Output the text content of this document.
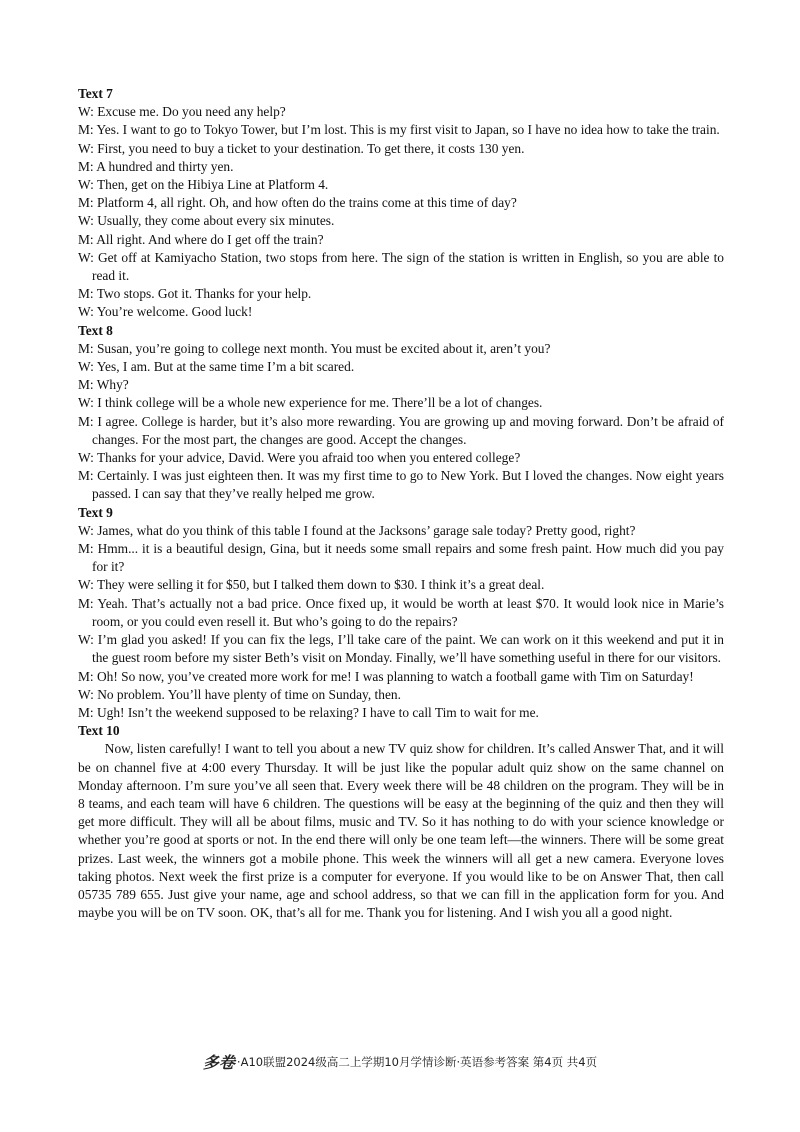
Text 7

W: Excuse me. Do you need any help?

M: Yes. I want to go to Tokyo Tower, but I’m lost. This is my first visit to Japan, so I have no idea how to take the train.

W: First, you need to buy a ticket to your destination. To get there, it costs 130 yen.

M: A hundred and thirty yen.

W: Then, get on the Hibiya Line at Platform 4.

M: Platform 4, all right. Oh, and how often do the trains come at this time of day?

W: Usually, they come about every six minutes.

M: All right. And where do I get off the train?

W: Get off at Kamiyacho Station, two stops from here. The sign of the station is written in English, so you are able to read it.

M: Two stops. Got it. Thanks for your help.

W: You’re welcome. Good luck!

Text 8

M: Susan, you’re going to college next month. You must be excited about it, aren’t you?

W: Yes, I am. But at the same time I’m a bit scared.

M: Why?

W: I think college will be a whole new experience for me. There’ll be a lot of changes.

M: I agree. College is harder, but it’s also more rewarding. You are growing up and moving forward. Don’t be afraid of changes. For the most part, the changes are good. Accept the changes.

W: Thanks for your advice, David. Were you afraid too when you entered college?

M: Certainly. I was just eighteen then. It was my first time to go to New York. But I loved the changes. Now eight years passed. I can say that they’ve really helped me grow.

Text 9

W: James, what do you think of this table I found at the Jacksons’ garage sale today? Pretty good, right?

M: Hmm... it is a beautiful design, Gina, but it needs some small repairs and some fresh paint. How much did you pay for it?

W: They were selling it for $50, but I talked them down to $30. I think it’s a great deal.

M: Yeah. That’s actually not a bad price. Once fixed up, it would be worth at least $70. It would look nice in Marie’s room, or you could even resell it. But who’s going to do the repairs?

W: I’m glad you asked! If you can fix the legs, I’ll take care of the paint. We can work on it this weekend and put it in the guest room before my sister Beth’s visit on Monday. Finally, we’ll have something useful in there for our visitors.

M: Oh! So now, you’ve created more work for me! I was planning to watch a football game with Tim on Saturday!

W: No problem. You’ll have plenty of time on Sunday, then.

M: Ugh! Isn’t the weekend supposed to be relaxing? I have to call Tim to wait for me.

Text 10

Now, listen carefully! I want to tell you about a new TV quiz show for children. It’s called Answer That, and it will be on channel five at 4:00 every Thursday. It will be just like the popular adult quiz show on the same channel on Monday afternoon. I’m sure you’ve all seen that. Every week there will be 48 children on the program. They will be in 8 teams, and each team will have 6 children. The questions will be easy at the beginning of the quiz and then they will get more difficult. They will all be about films, music and TV. So it has nothing to do with your science knowledge or whether you’re good at sports or not. In the end there will only be one team left—the winners. There will be some great prizes. Last week, the winners got a mobile phone. This week the winners will all get a new camera. Everyone loves taking photos. Next week the first prize is a computer for everyone. If you would like to be on Answer That, then call 05735 789 655. Just give your name, age and school address, so that we can fill in the application form for you. And maybe you will be on TV soon. OK, that’s all for me. Thank you for listening. And I wish you all a good night.

多卷 ·A10联盟2024级高二上学期10月学情诊断·英语参考答案 第4页 共4页
